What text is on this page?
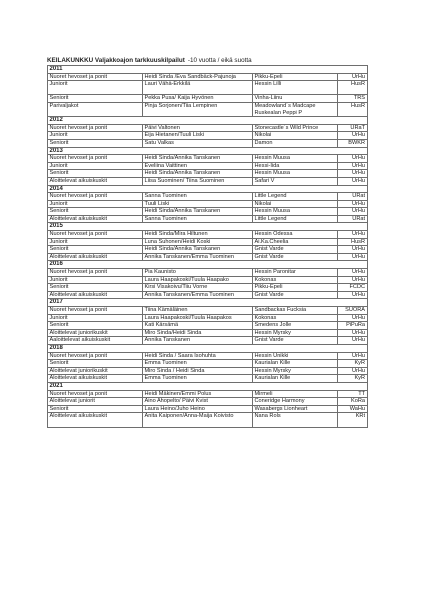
KEILAKUNKKU Valjakkoajon tarkkuuskilpailut -10 vuotta / eikä suotta
2011			
Nuoret hevoset ja ponit	Heidi Sinda /Eva Sandbäck-Pajunoja	Pikku-Epeli	UrHu
Juniorit	Lauri Vähä-Erkkilä	Hessin Lilli	HusR
Seniorit	Pekka Pusa/ Kaija Hyvönen	Vinha-Liinu	TRS
Parivaljakot	Pinja Sorjonen/Tiia Lempinen	Meadowland´s Madcape Ruskealan Peppi P	HusR
2012			
Nuoret hevoset ja ponit	Päivi Valtonen	Stonecastle´s Wild Prince	URaT
Juniorit	Eija Hietanen/Tuuli Liski	Nikolai	UrHu
Seniorit	Satu Valkas	Damon	BWKR
2013			
Nuoret hevoset ja ponit	Heidi Sinda/Annika Tanskanen	Hessin Muusa	UrHu
Juniorit	Eveliina Vaittinen	Hessi-Iida	UrHu
Seniorit	Heidi Sinda/Annika Tanskanen	Hessin Muusa	UrHu
Aloittelevat aikuiskuskit	Liisa Suominen/ Tiina Suominen	Safari V	UrHu
2014			
Nuoret hevoset ja ponit	Sanna Tuominen	Little Legend	URat
Juniorit	Tuuli Liski	Nikolai	UrHu
Seniorit	Heidi Sinda/Annika Tanskanen	Hessin Muusa	UrHu
Aloittelevat aikuiskuskit	Sanna Tuominen	Little Legend	URat
2015			
Nuoret hevoset ja ponit	Heidi Sinda/Mira Hiltunen	Hessin Odessa	UrHu
Juniorit	Luna Suhonen/Heidi Koski	Ai.Ka.Cheelia	HusR
Seniorit	Heidi Sinda/Annika Tanskanen	Gnist Varde	UrHu
Aloittelevat aikuiskuskit	Annika Tanskanen/Emma Tuominen	Gnist Varde	UrHu
2016			
Nuoret hevoset ja ponit	Pia Kaunisto	Hessin Paronitar	UrHu
Juniorit	Laura Haapakoski/Tuula Haapako	Kokonas	UrHu
Seniorit	Kirsi Visakoivu/Tiiu Vorne	Pikku-Epeli	FCDC
Aloittelevat aikuiskuskit	Annika Tanskanen/Emma Tuominen	Gnist Varde	UrHu
2017			
Nuoret hevoset ja ponit	Tiina Kämäläinen	Sandbackas Fucksia	SUORA
Juniorit	Laura Haapakoski/Tuula Haapakos	Kokonas	UrHu
Seniorit	Kati Kärsämä	Smedens Jolle	PiPuRa
Aloittelevat juniorikuskit	Miro Sinda/Heidi Sinda	Hessin Myrsky	UrHu
Aaloittelevat aikuiskuskit	Annika Tanskanen	Gnist Varde	UrHu
2018			
Nuoret hevoset ja ponit	Heidi Sinda / Saara Isohuhta	Hessin Unikki	UrHu
Seniorit	Emma Tuominen	Kaurialan Kille	KyR
Aloittelevat juniorikuskit	Miro Sinda / Heidi Sinda	Hessin Myrsky	UrHu
Aloittelevat aikuiskuskit	Emma Tuominen	Kaurialan Kille	KyR
2021			
Nuoret hevoset ja ponit	Heidi Mäkinen/Emmi Polus	Mirmeli	TT
Aloittelevat juniorit	Aino Ahopelto/ Päivi Kvist	Coneridge Harmony	KoRa
Seniorit	Laura Heino/Juho Heino	Wasabergs Lionheart	WaHu
Aloittelevat aikuiskuskit	Anita Kaiponen/Anna-Maija Koivisto	Nana Rols	KRt
